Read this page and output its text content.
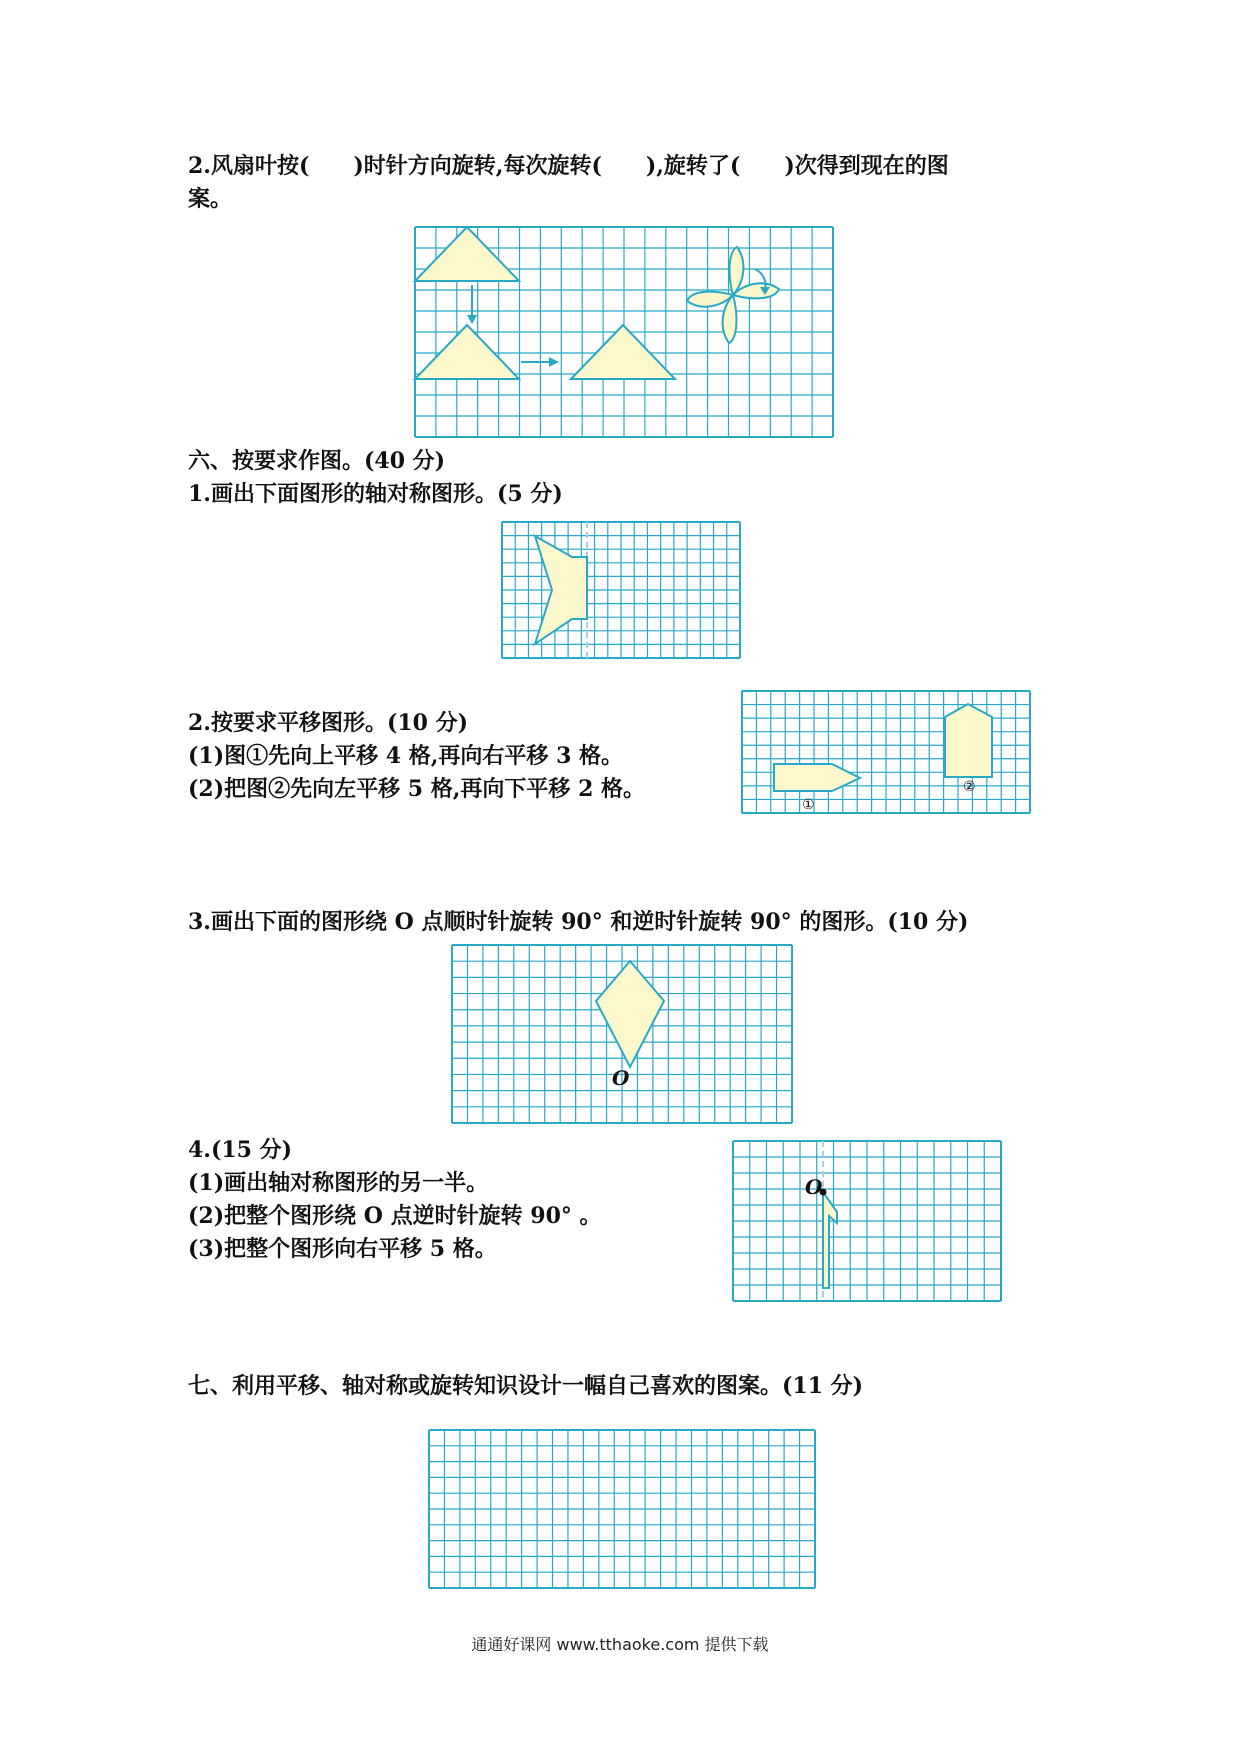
2.风扇叶按(　　)时针方向旋转,每次旋转(　　),旋转了(　　)次得到现在的图

案。

六、按要求作图。(40 分)

1.画出下面图形的轴对称图形。(5 分)

2.按要求平移图形。(10 分)

(1)图①先向上平移 4 格,再向右平移 3 格。

(2)把图②先向左平移 5 格,再向下平移 2 格。

①
②

3.画出下面的图形绕 O 点顺时针旋转 90° 和逆时针旋转 90° 的图形。(10 分)

O

4.(15 分)

(1)画出轴对称图形的另一半。

(2)把整个图形绕 O 点逆时针旋转 90° 。

(3)把整个图形向右平移 5 格。

O

七、利用平移、轴对称或旋转知识设计一幅自己喜欢的图案。(11 分)

通通好课网 www.tthaoke.com 提供下载
